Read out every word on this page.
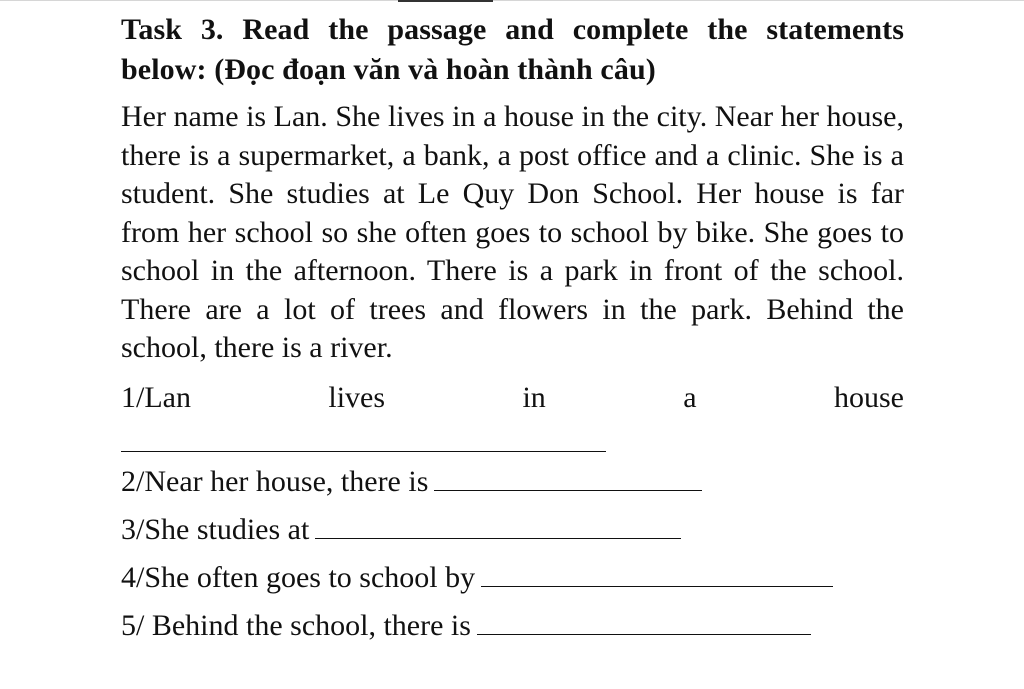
Task 3. Read the passage and complete the statements below: (Đọc đoạn văn và hoàn thành câu)

Her name is Lan. She lives in a house in the city. Near her house, there is a supermarket, a bank, a post office and a clinic. She is a student. She studies at Le Quy Don School. Her house is far from her school so she often goes to school by bike. She goes to school in the afternoon. There is a park in front of the school. There are a lot of trees and flowers in the park. Behind the school, there is a river.

1/Lan	lives	in	a	house
2/Near her house, there is
3/She studies at
4/She often goes to school by
5/ Behind the school, there is
